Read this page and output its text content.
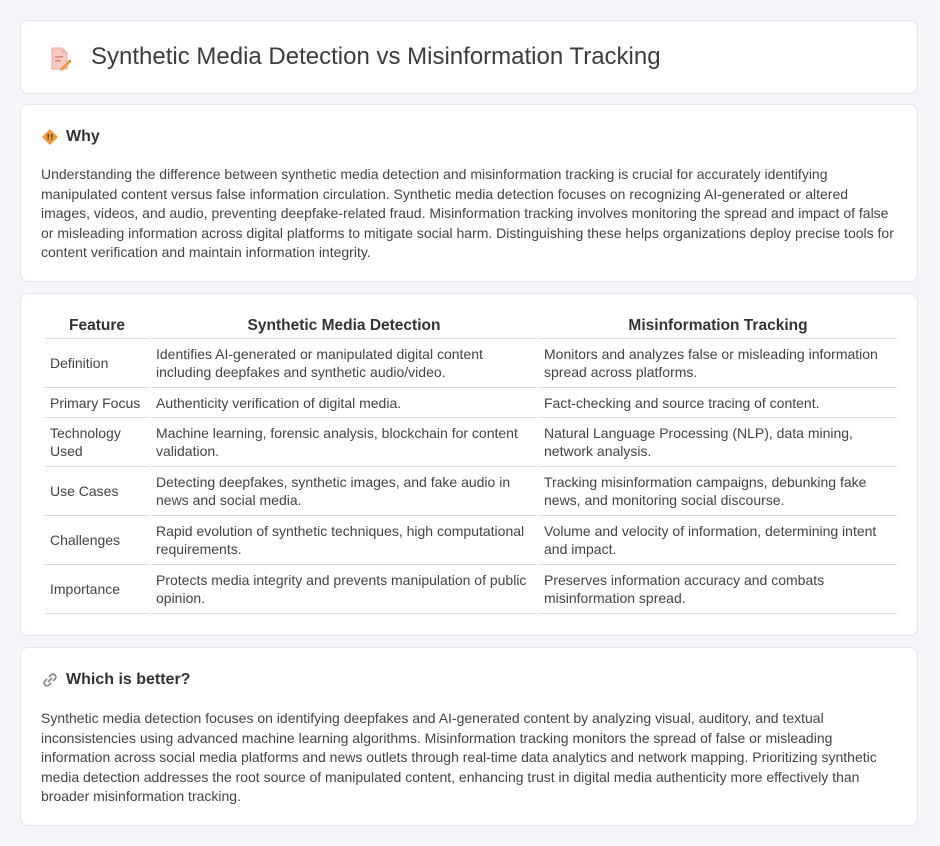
Synthetic Media Detection vs Misinformation Tracking
!! Why

Understanding the difference between synthetic media detection and misinformation tracking is crucial for accurately identifying manipulated content versus false information circulation. Synthetic media detection focuses on recognizing AI-generated or altered images, videos, and audio, preventing deepfake-related fraud. Misinformation tracking involves monitoring the spread and impact of false or misleading information across digital platforms to mitigate social harm. Distinguishing these helps organizations deploy precise tools for content verification and maintain information integrity.

Feature	Synthetic Media Detection	Misinformation Tracking
Definition	Identifies AI-generated or manipulated digital content including deepfakes and synthetic audio/video.	Monitors and analyzes false or misleading information spread across platforms.
Primary Focus	Authenticity verification of digital media.	Fact-checking and source tracing of content.
Technology Used	Machine learning, forensic analysis, blockchain for content validation.	Natural Language Processing (NLP), data mining, network analysis.
Use Cases	Detecting deepfakes, synthetic images, and fake audio in news and social media.	Tracking misinformation campaigns, debunking fake news, and monitoring social discourse.
Challenges	Rapid evolution of synthetic techniques, high computational requirements.	Volume and velocity of information, determining intent and impact.
Importance	Protects media integrity and prevents manipulation of public opinion.	Preserves information accuracy and combats misinformation spread.
Which is better?

Synthetic media detection focuses on identifying deepfakes and AI-generated content by analyzing visual, auditory, and textual inconsistencies using advanced machine learning algorithms. Misinformation tracking monitors the spread of false or misleading information across social media platforms and news outlets through real-time data analytics and network mapping. Prioritizing synthetic media detection addresses the root source of manipulated content, enhancing trust in digital media authenticity more effectively than broader misinformation tracking.
